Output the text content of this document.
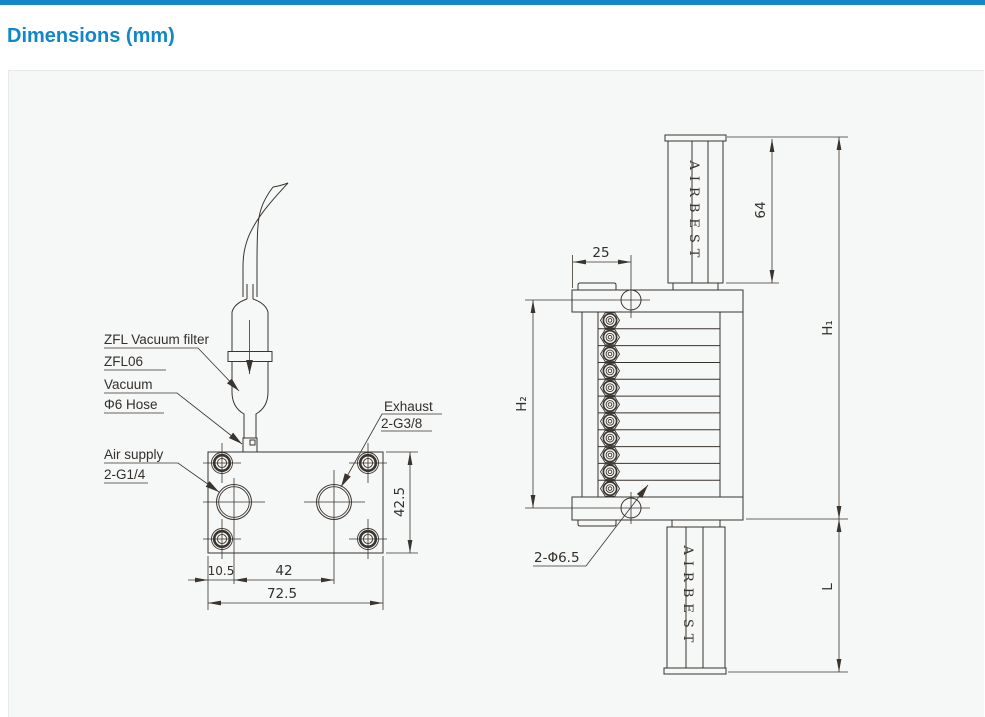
Dimensions (mm)
10.5	42
72.5
42.5
ZFL Vacuum filter
ZFL06
Vacuum
Φ6 Hose
Air supply
2-G1/4
Exhaust
2-G3/8
AIRBEST
AIRBEST
25
64
H₁
H₂
L
2-Φ6.5
